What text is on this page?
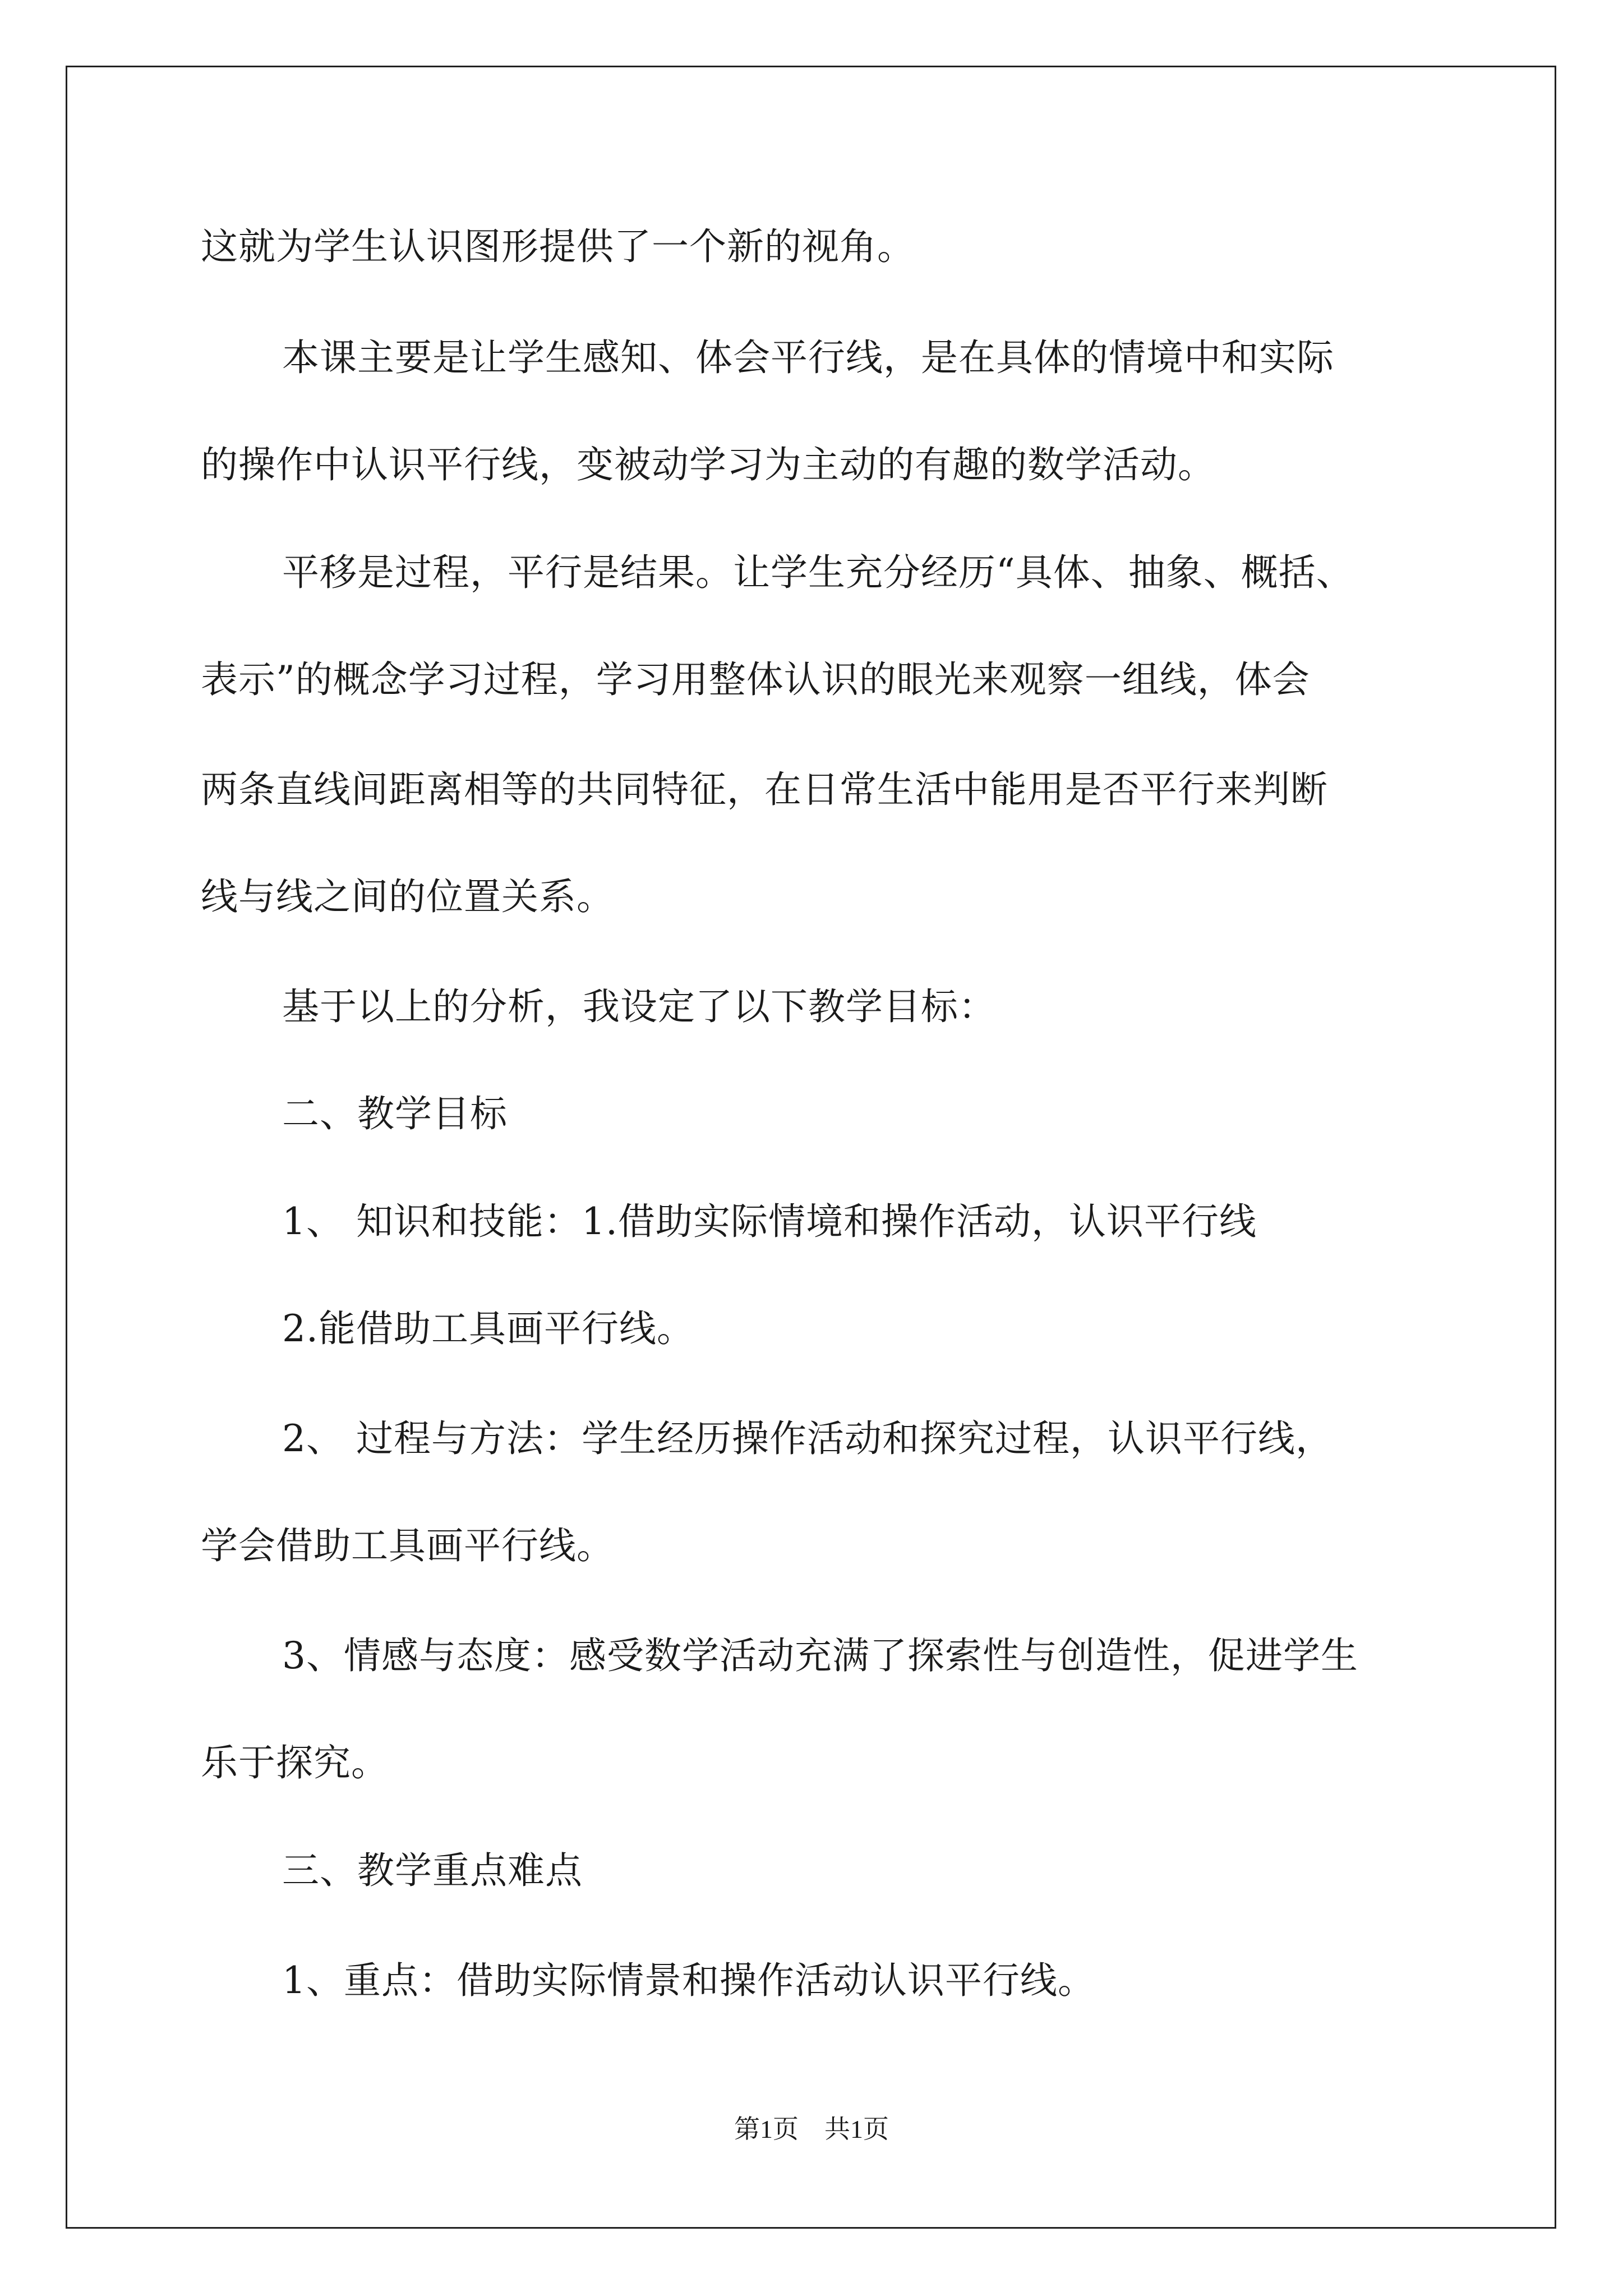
这就为学生认识图形提供了一个新的视角。

本课主要是让学生感知、体会平行线，是在具体的情境中和实际

的操作中认识平行线，变被动学习为主动的有趣的数学活动。

平移是过程，平行是结果。让学生充分经历“具体、抽象、概括、

表示”的概念学习过程，学习用整体认识的眼光来观察一组线，体会

两条直线间距离相等的共同特征，在日常生活中能用是否平行来判断

线与线之间的位置关系。

基于以上的分析，我设定了以下教学目标：

二、教学目标

1、 知识和技能：1.借助实际情境和操作活动，认识平行线

2.能借助工具画平行线。

2、 过程与方法：学生经历操作活动和探究过程，认识平行线，

学会借助工具画平行线。

3、情感与态度：感受数学活动充满了探索性与创造性，促进学生

乐于探究。

三、教学重点难点

1、重点：借助实际情景和操作活动认识平行线。

第1页　共1页
